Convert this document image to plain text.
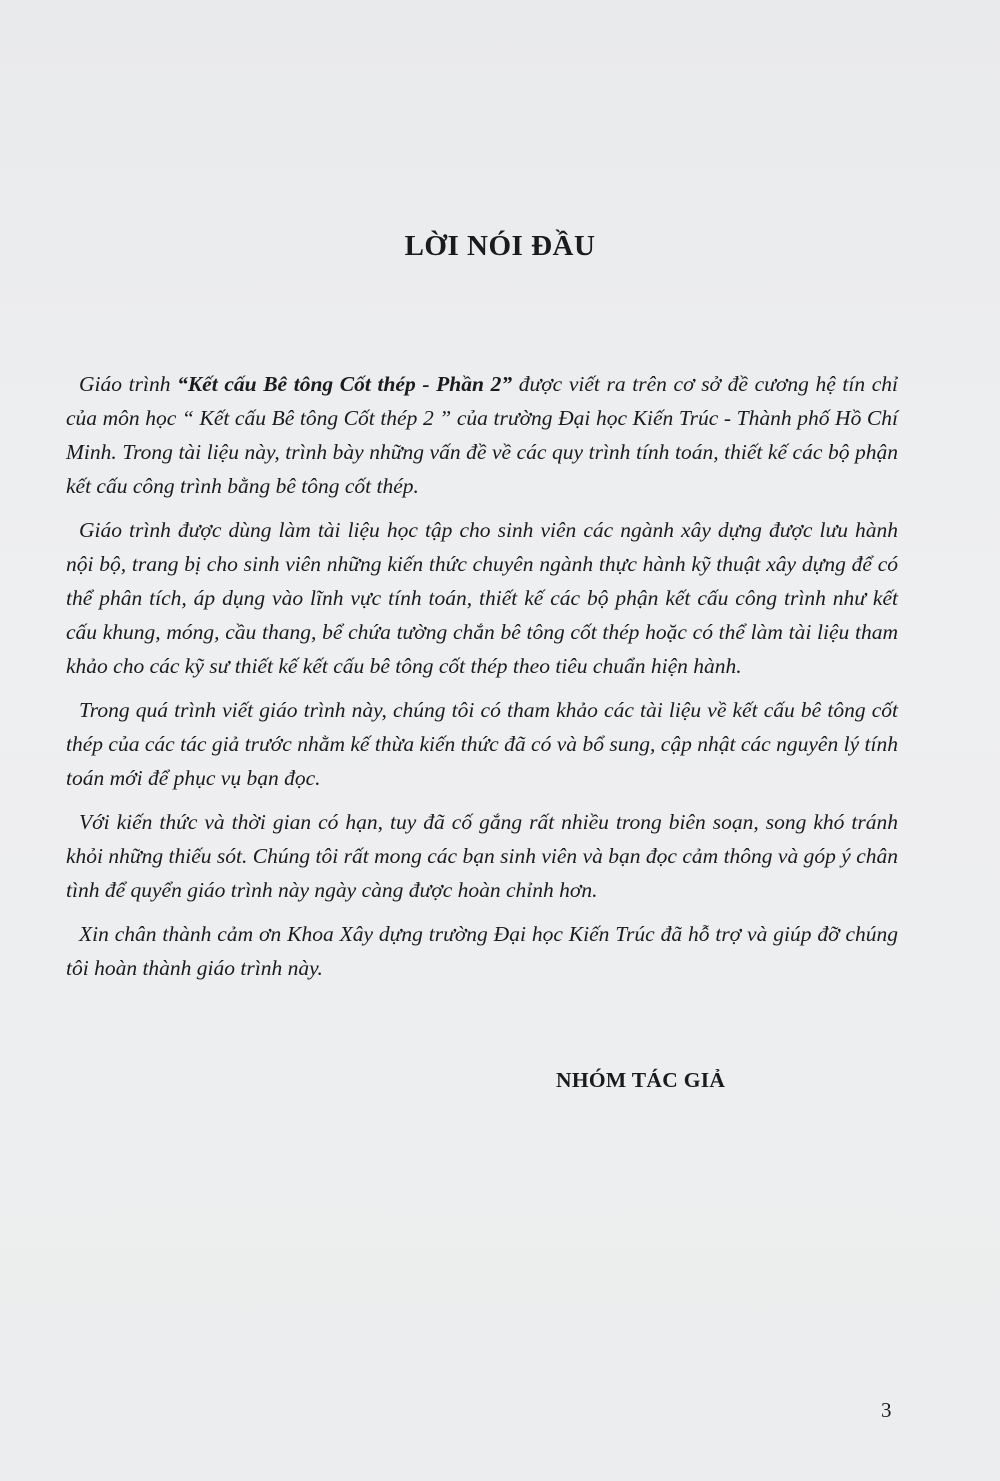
LỜI NÓI ĐẦU

Giáo trình “Kết cấu Bê tông Cốt thép - Phần 2” được viết ra trên cơ sở đề cương hệ tín chỉ của môn học “ Kết cấu Bê tông Cốt thép 2 ” của trường Đại học Kiến Trúc - Thành phố Hồ Chí Minh. Trong tài liệu này, trình bày những vấn đề về các quy trình tính toán, thiết kế các bộ phận kết cấu công trình bằng bê tông cốt thép.

Giáo trình được dùng làm tài liệu học tập cho sinh viên các ngành xây dựng được lưu hành nội bộ, trang bị cho sinh viên những kiến thức chuyên ngành thực hành kỹ thuật xây dựng để có thể phân tích, áp dụng vào lĩnh vực tính toán, thiết kế các bộ phận kết cấu công trình như kết cấu khung, móng, cầu thang, bể chứa tường chắn bê tông cốt thép hoặc có thể làm tài liệu tham khảo cho các kỹ sư thiết kế kết cấu bê tông cốt thép theo tiêu chuẩn hiện hành.

Trong quá trình viết giáo trình này, chúng tôi có tham khảo các tài liệu về kết cấu bê tông cốt thép của các tác giả trước nhằm kế thừa kiến thức đã có và bổ sung, cập nhật các nguyên lý tính toán mới để phục vụ bạn đọc.

Với kiến thức và thời gian có hạn, tuy đã cố gắng rất nhiều trong biên soạn, song khó tránh khỏi những thiếu sót. Chúng tôi rất mong các bạn sinh viên và bạn đọc cảm thông và góp ý chân tình để quyển giáo trình này ngày càng được hoàn chỉnh hơn.

Xin chân thành cảm ơn Khoa Xây dựng trường Đại học Kiến Trúc đã hỗ trợ và giúp đỡ chúng tôi hoàn thành giáo trình này.

NHÓM TÁC GIẢ

3
